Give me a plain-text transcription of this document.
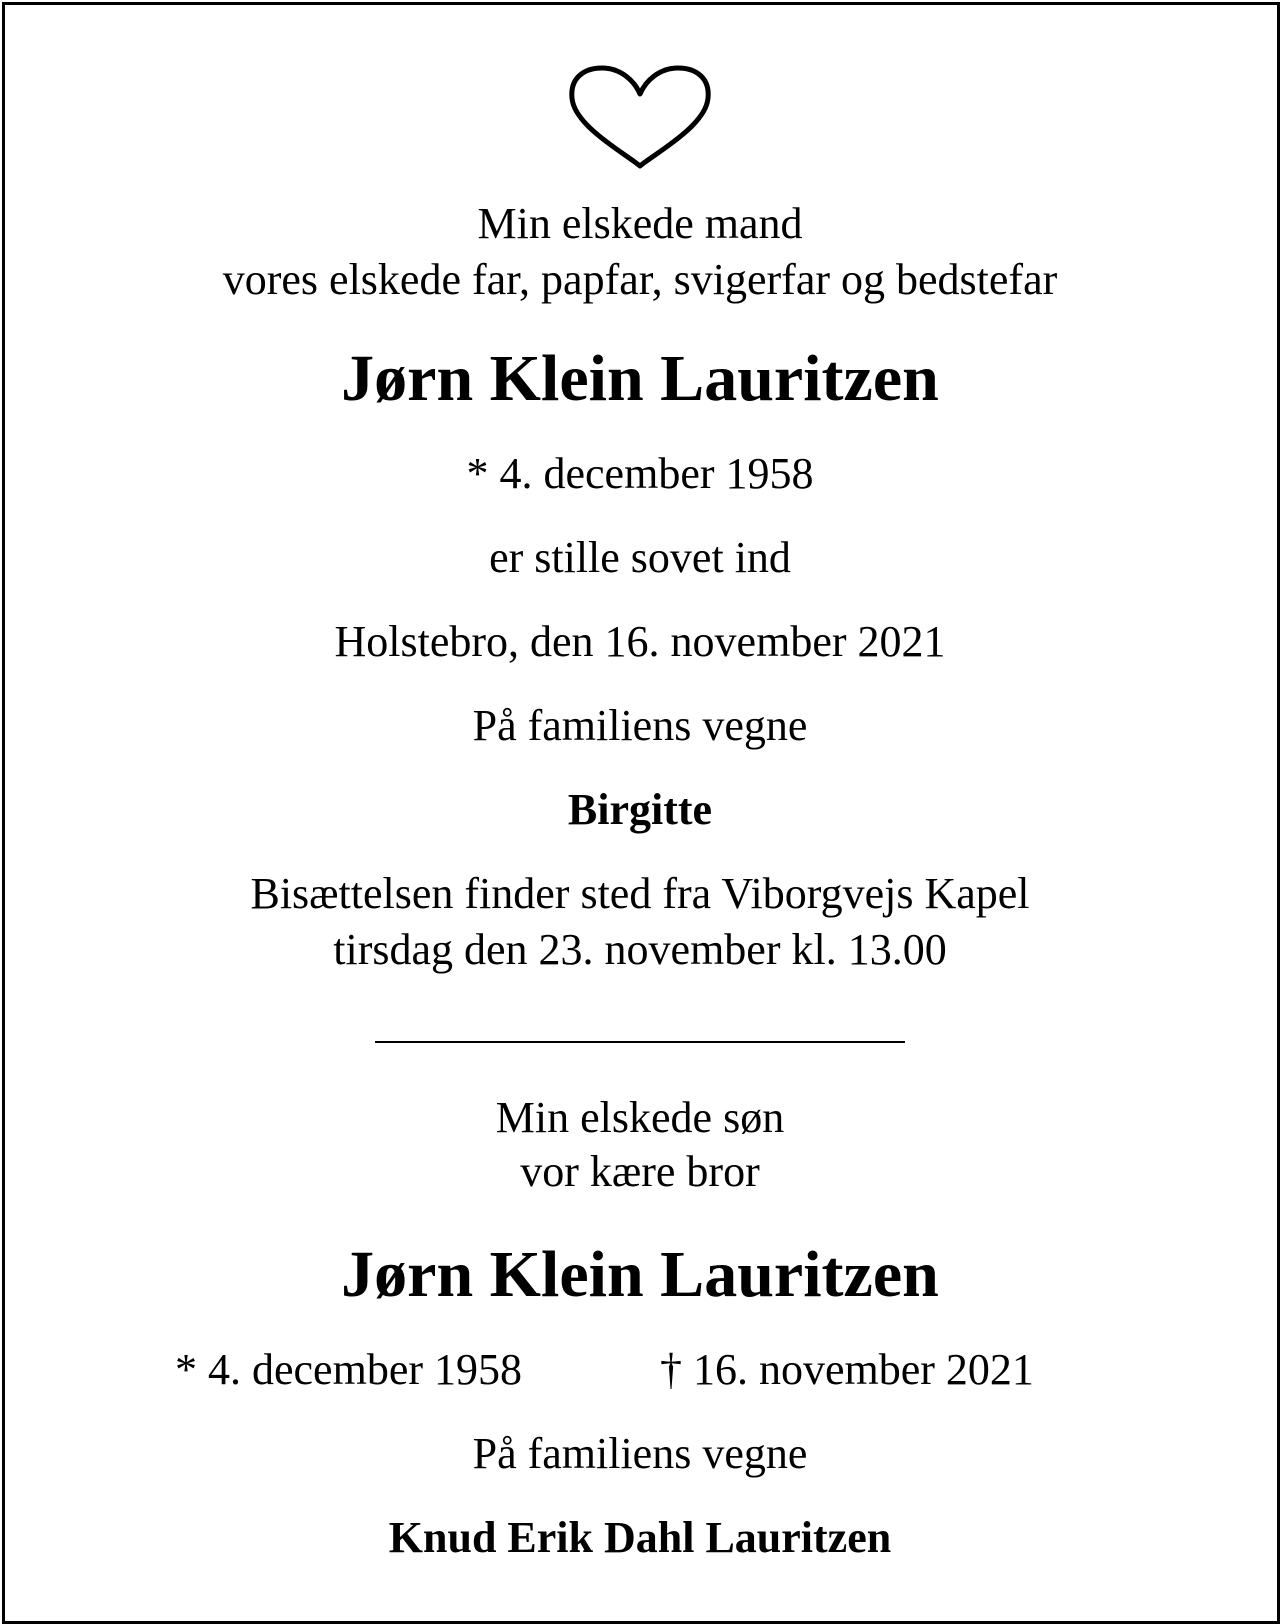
Min elskede mand
vores elskede far, papfar, svigerfar og bedstefar
Jørn Klein Lauritzen
* 4. december 1958
er stille sovet ind
Holstebro, den 16. november 2021
På familiens vegne
Birgitte
Bisættelsen finder sted fra Viborgvejs Kapel
tirsdag den 23. november kl. 13.00
Min elskede søn
vor kære bror
Jørn Klein Lauritzen
* 4. december 1958	† 16. november 2021
På familiens vegne
Knud Erik Dahl Lauritzen
